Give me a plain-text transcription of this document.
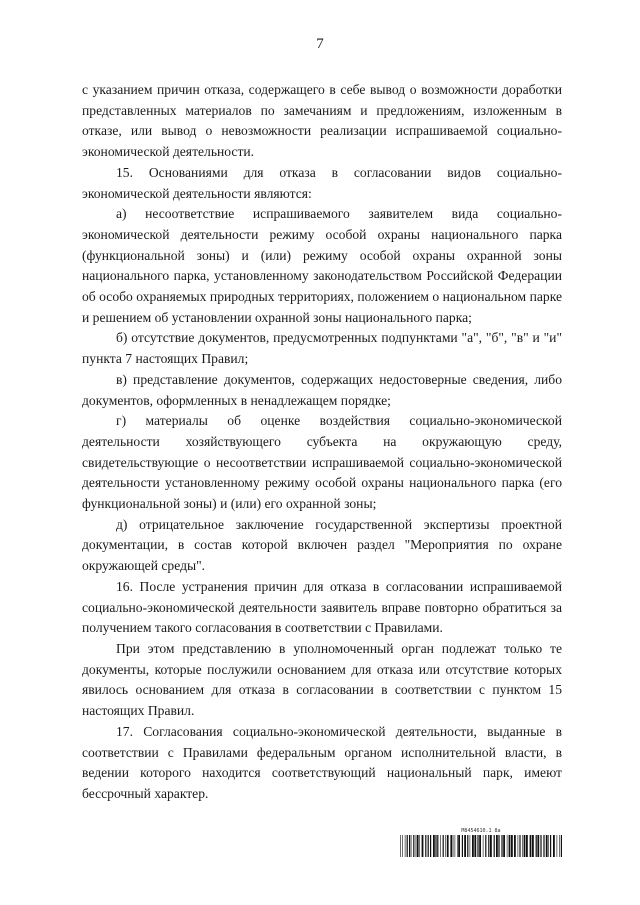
7

с указанием причин отказа, содержащего в себе вывод о возможности доработки представленных материалов по замечаниям и предложениям, изложенным в отказе, или вывод о невозможности реализации испрашиваемой социально-экономической деятельности.

15. Основаниями для отказа в согласовании видов социально-экономической деятельности являются:

а) несоответствие испрашиваемого заявителем вида социально-экономической деятельности режиму особой охраны национального парка (функциональной зоны) и (или) режиму особой охраны охранной зоны национального парка, установленному законодательством Российской Федерации об особо охраняемых природных территориях, положением о национальном парке и решением об установлении охранной зоны национального парка;

б) отсутствие документов, предусмотренных подпунктами "а", "б", "в" и "и" пункта 7 настоящих Правил;

в) представление документов, содержащих недостоверные сведения, либо документов, оформленных в ненадлежащем порядке;

г) материалы об оценке воздействия социально-экономической деятельности хозяйствующего субъекта на окружающую среду, свидетельствующие о несоответствии испрашиваемой социально-экономической деятельности установленному режиму особой охраны национального парка (его функциональной зоны) и (или) его охранной зоны;

д) отрицательное заключение государственной экспертизы проектной документации, в состав которой включен раздел "Мероприятия по охране окружающей среды".

16. После устранения причин для отказа в согласовании испрашиваемой социально-экономической деятельности заявитель вправе повторно обратиться за получением такого согласования в соответствии с Правилами.

При этом представлению в уполномоченный орган подлежат только те документы, которые послужили основанием для отказа или отсутствие которых явилось основанием для отказа в согласовании в соответствии с пунктом 15 настоящих Правил.

17. Согласования социально-экономической деятельности, выданные в соответствии с Правилами федеральным органом исполнительной власти, в ведении которого находится соответствующий национальный парк, имеют бессрочный характер.

М8454610.1 8а
